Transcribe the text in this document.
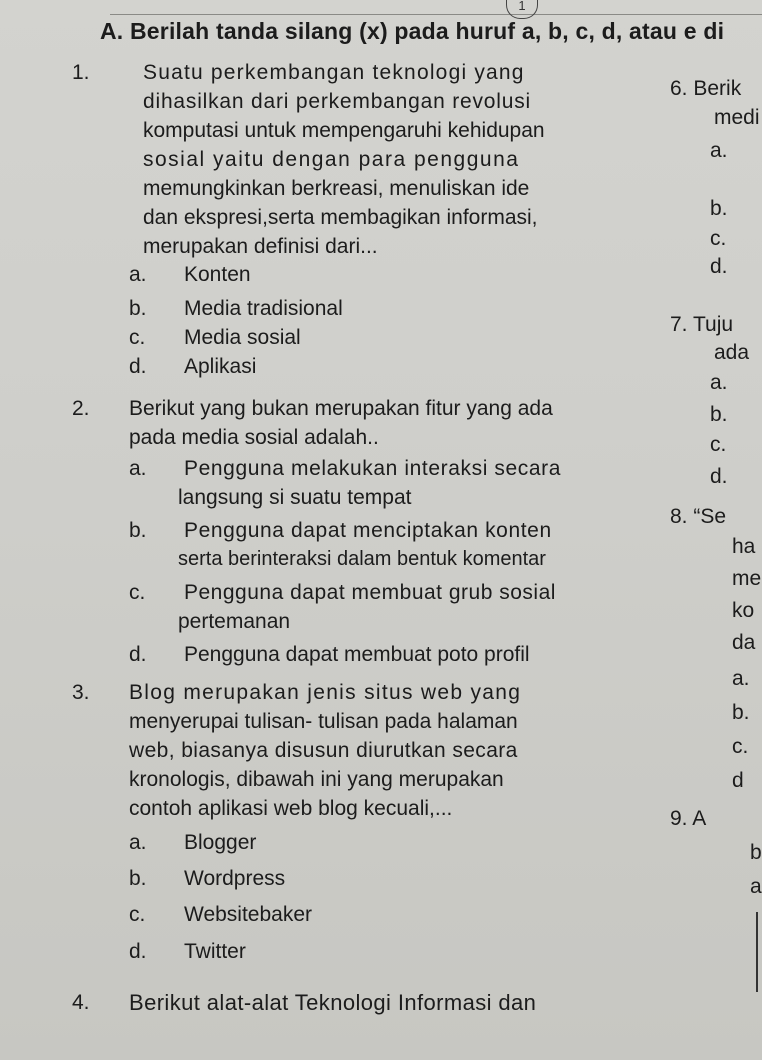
1
A. Berilah tanda silang (x) pada huruf a, b, c, d, atau e di
1.	Suatu perkembangan teknologi yang
dihasilkan dari perkembangan revolusi
komputasi untuk mempengaruhi kehidupan
sosial yaitu dengan para pengguna
memungkinkan berkreasi, menuliskan ide
dan ekspresi,serta membagikan informasi,
merupakan definisi dari...
a. Konten
b. Media tradisional
c. Media sosial
d. Aplikasi
2. Berikut yang bukan merupakan fitur yang ada
pada media sosial adalah..
a. Pengguna melakukan interaksi secara
langsung si suatu tempat
b. Pengguna dapat menciptakan konten
serta berinteraksi dalam bentuk komentar
c. Pengguna dapat membuat grub sosial
pertemanan
d. Pengguna dapat membuat poto profil
3. Blog merupakan jenis situs web yang
menyerupai tulisan- tulisan pada halaman
web, biasanya disusun diurutkan secara
kronologis, dibawah ini yang merupakan
contoh aplikasi web blog kecuali,...
a. Blogger
b. Wordpress
c. Websitebaker
d. Twitter
4. Berikut alat-alat Teknologi Informasi dan
6. Berik
medi
a.
b.
c.
d.
7. Tuju
ada
a.
b.
c.
d.
8. “Se
ha
me
ko
da
a.
b.
c.
d
9. A
b
a
